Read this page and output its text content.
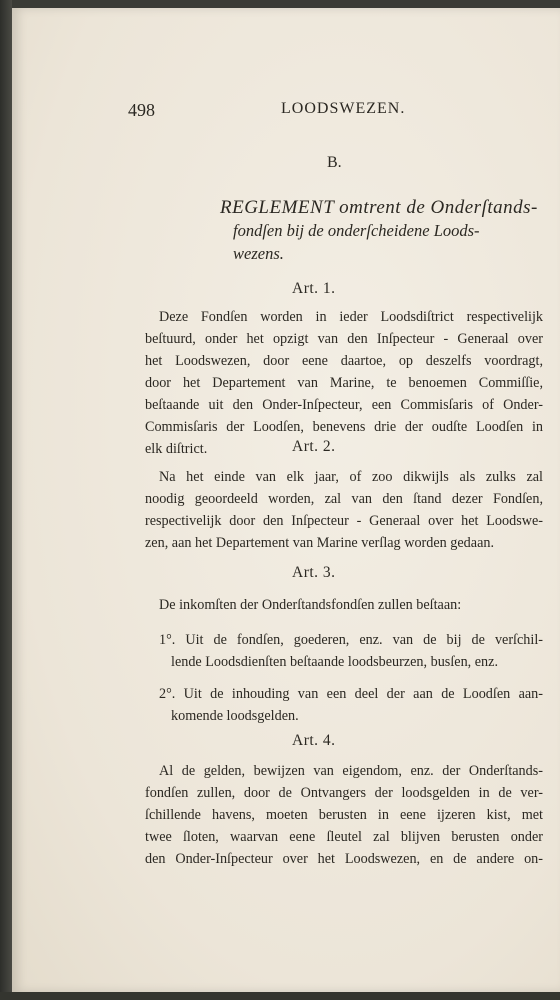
498	LOODSWEZEN.
B.
REGLEMENT omtrent de Onderſtands-
fondſen bij de onderſcheidene Loods-
wezens.
Art. 1.
Deze Fondſen worden in ieder Loodsdiſtrict respectivelijk
beſtuurd, onder het opzigt van den Inſpecteur - Generaal over
het Loodswezen, door eene daartoe, op deszelfs voordragt,
door het Departement van Marine, te benoemen Commiſſie,
beſtaande uit den Onder-Inſpecteur, een Commisſaris of Onder-
Commisſaris der Loodſen, benevens drie der oudſte Loodſen in
elk diſtrict.	Art. 2.
Na het einde van elk jaar, of zoo dikwijls als zulks zal
noodig geoordeeld worden, zal van den ſtand dezer Fondſen,
respectivelijk door den Inſpecteur - Generaal over het Loodswe-
zen, aan het Departement van Marine verſlag worden gedaan.
Art. 3.
De inkomſten der Onderſtandsfondſen zullen beſtaan:
1°. Uit de fondſen, goederen, enz. van de bij de verſchil-
lende Loodsdienſten beſtaande loodsbeurzen, busſen, enz.
2°. Uit de inhouding van een deel der aan de Loodſen aan-
komende loodsgelden.
Art. 4.
Al de gelden, bewijzen van eigendom, enz. der Onderſtands-
fondſen zullen, door de Ontvangers der loodsgelden in de ver-
ſchillende havens, moeten berusten in eene ijzeren kist, met
twee ſloten, waarvan eene ſleutel zal blijven berusten onder
den Onder-Inſpecteur over het Loodswezen, en de andere on-
